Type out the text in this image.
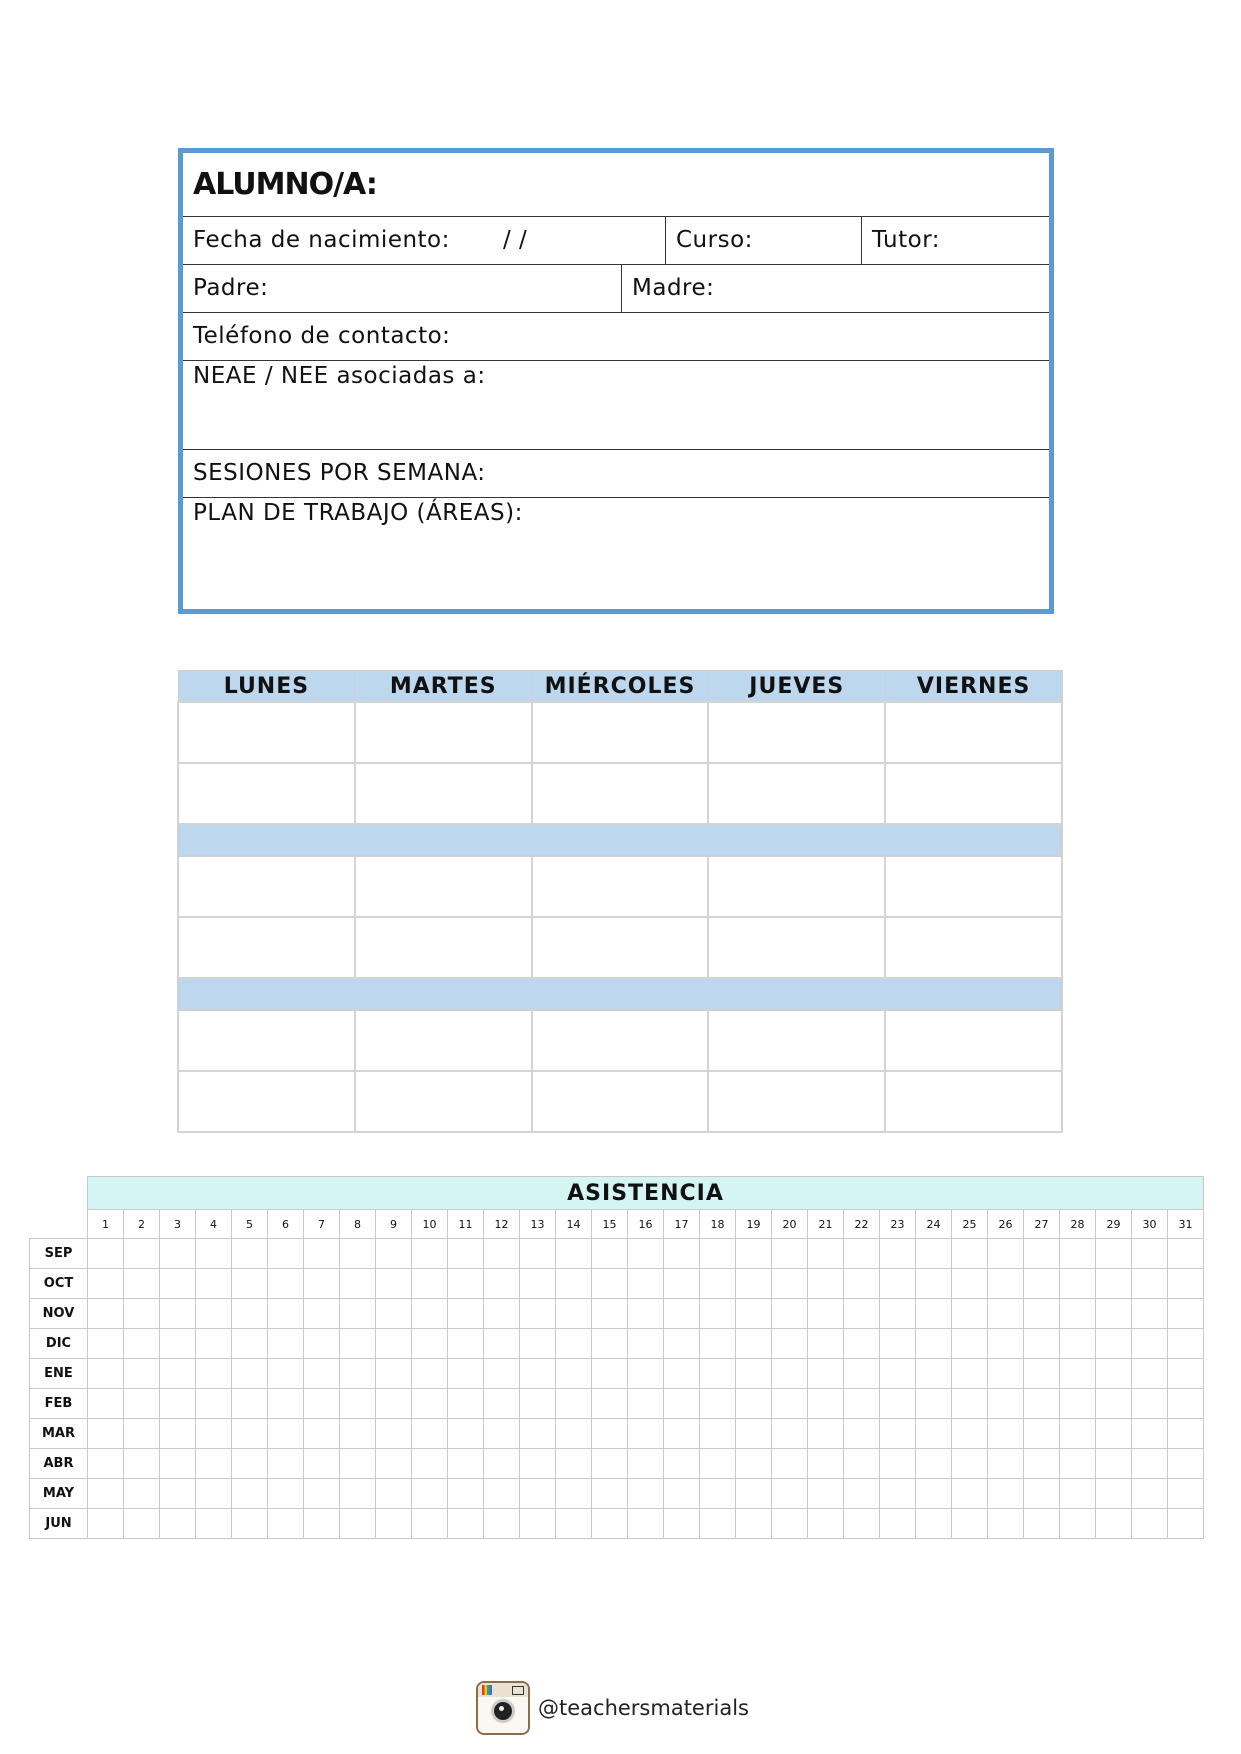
ALUMNO/A:
Fecha de nacimiento: / /	Curso:	Tutor:
Padre:	Madre:
Teléfono de contacto:
NEAE / NEE asociadas a:
SESIONES POR SEMANA:
PLAN DE TRABAJO (ÁREAS):
LUNES	MARTES	MIÉRCOLES	JUEVES	VIERNES

	ASISTENCIA																														
	1	2	3	4	5	6	7	8	9	10	11	12	13	14	15	16	17	18	19	20	21	22	23	24	25	26	27	28	29	30	31
SEP																															
OCT																															
NOV																															
DIC																															
ENE																															
FEB																															
MAR																															
ABR																															
MAY																															
JUN																															
@teachersmaterials
